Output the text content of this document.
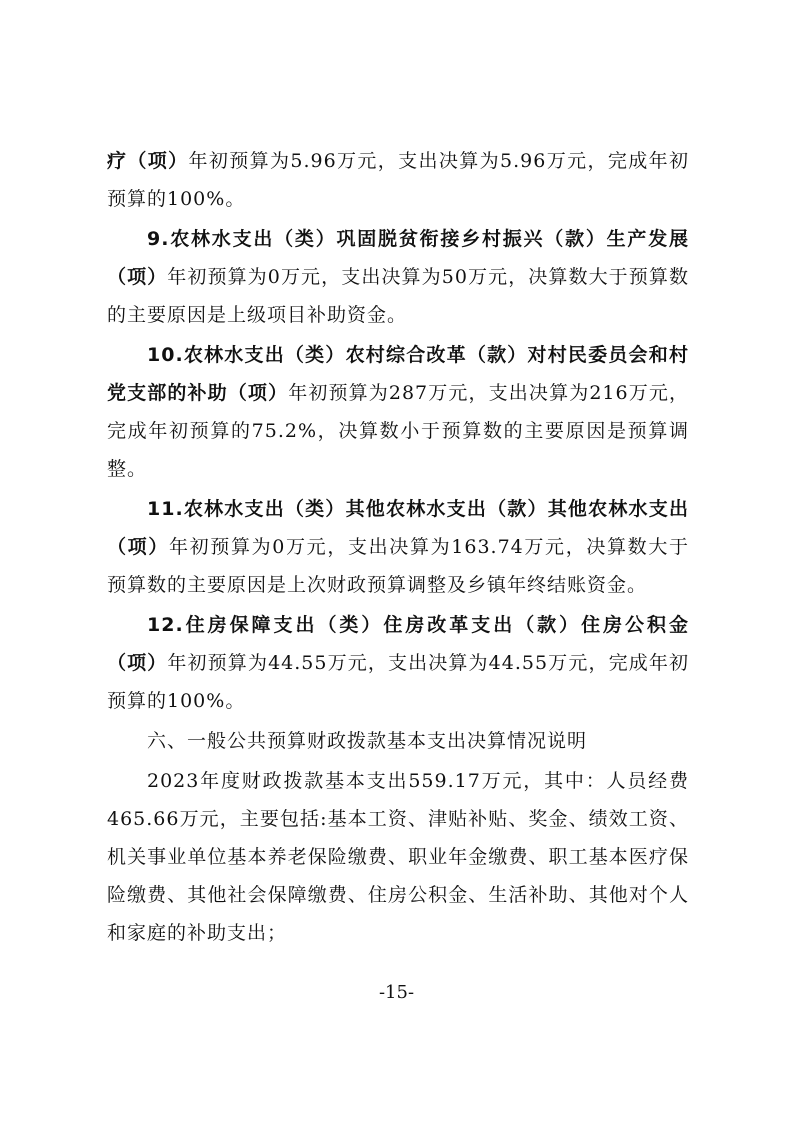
疗（项）年初预算为5.96万元，支出决算为5.96万元，完成年初预算的100%。

9.农林水支出（类）巩固脱贫衔接乡村振兴（款）生产发展（项）年初预算为0万元，支出决算为50万元，决算数大于预算数的主要原因是上级项目补助资金。

10.农林水支出（类）农村综合改革（款）对村民委员会和村党支部的补助（项）年初预算为287万元，支出决算为216万元，完成年初预算的75.2%，决算数小于预算数的主要原因是预算调整。

11.农林水支出（类）其他农林水支出（款）其他农林水支出（项）年初预算为0万元，支出决算为163.74万元，决算数大于预算数的主要原因是上次财政预算调整及乡镇年终结账资金。

12.住房保障支出（类）住房改革支出（款）住房公积金（项）年初预算为44.55万元，支出决算为44.55万元，完成年初预算的100%。

六、一般公共预算财政拨款基本支出决算情况说明

2023年度财政拨款基本支出559.17万元，其中：人员经费465.66万元，主要包括:基本工资、津贴补贴、奖金、绩效工资、机关事业单位基本养老保险缴费、职业年金缴费、职工基本医疗保险缴费、其他社会保障缴费、住房公积金、生活补助、其他对个人和家庭的补助支出；

-15-
